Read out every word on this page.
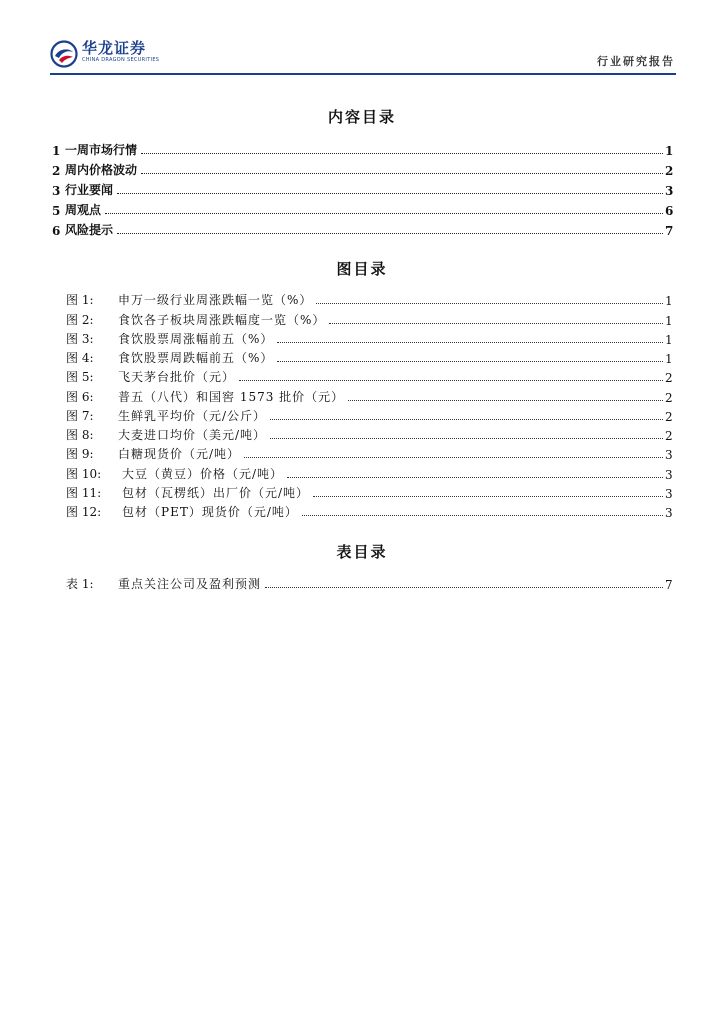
华龙证券
CHINA DRAGON SECURITIES	行业研究报告
内容目录
1 一周市场行情	1
2 周内价格波动	2
3 行业要闻	3
5 周观点	6
6 风险提示	7
图目录
图 1:	申万一级行业周涨跌幅一览（%）	1
图 2:	食饮各子板块周涨跌幅度一览（%）	1
图 3:	食饮股票周涨幅前五（%）	1
图 4:	食饮股票周跌幅前五（%）	1
图 5:	飞天茅台批价（元）	2
图 6:	普五（八代）和国窖 1573 批价（元）	2
图 7:	生鲜乳平均价（元/公斤）	2
图 8:	大麦进口均价（美元/吨）	2
图 9:	白糖现货价（元/吨）	3
图 10:	大豆（黄豆）价格（元/吨）	3
图 11:	包材（瓦楞纸）出厂价（元/吨）	3
图 12:	包材（PET）现货价（元/吨）	3
表目录
表 1:	重点关注公司及盈利预测	7
